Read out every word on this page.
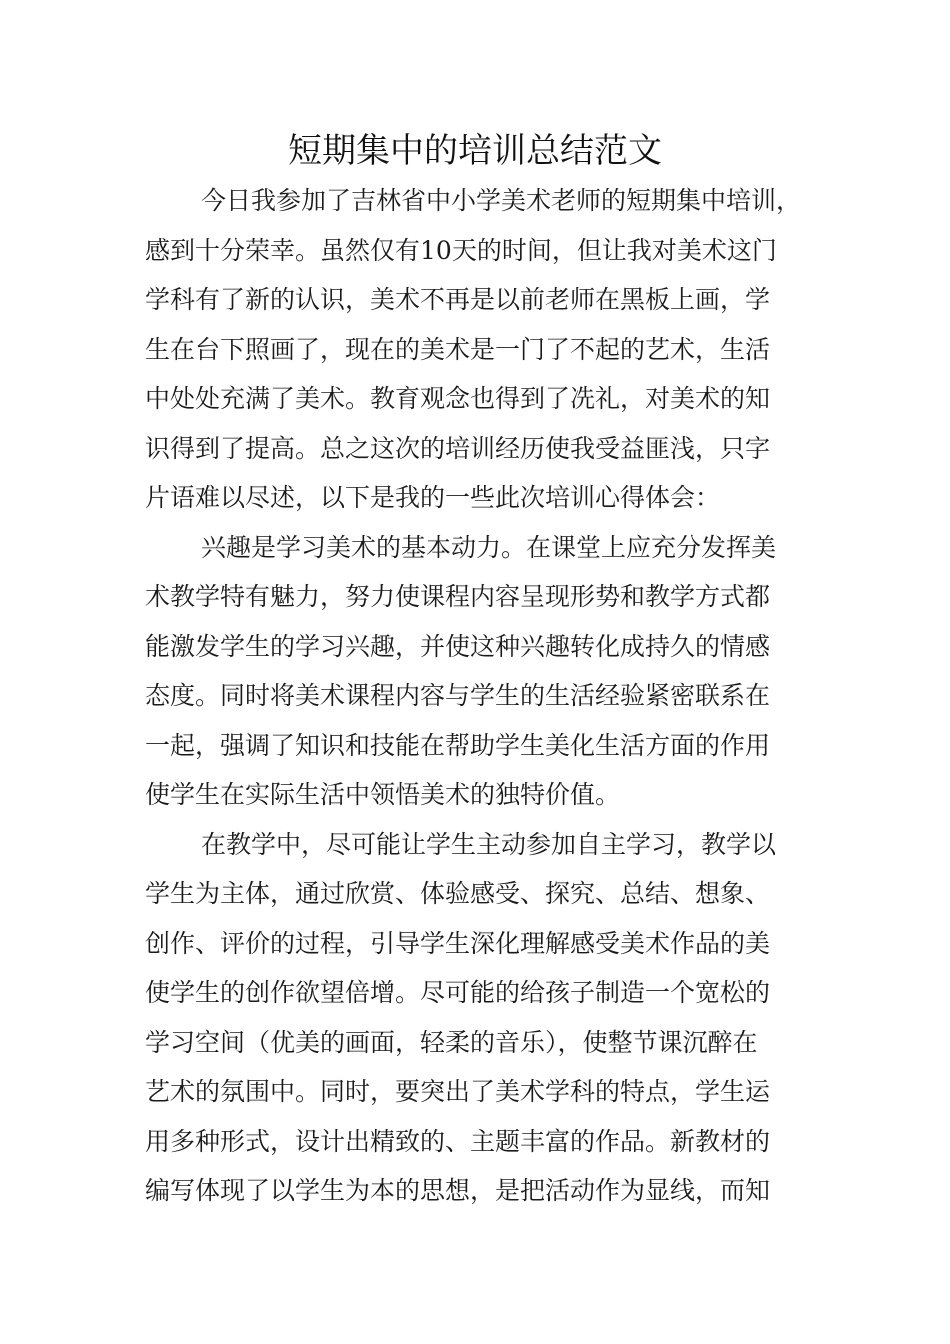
短期集中的培训总结范文
今日我参加了吉林省中小学美术老师的短期集中培训，
感到十分荣幸。虽然仅有10天的时间，但让我对美术这门
学科有了新的认识，美术不再是以前老师在黑板上画，学
生在台下照画了，现在的美术是一门了不起的艺术，生活
中处处充满了美术。教育观念也得到了冼礼，对美术的知
识得到了提高。总之这次的培训经历使我受益匪浅，只字
片语难以尽述，以下是我的一些此次培训心得体会：
兴趣是学习美术的基本动力。在课堂上应充分发挥美
术教学特有魅力，努力使课程内容呈现形势和教学方式都
能激发学生的学习兴趣，并使这种兴趣转化成持久的情感
态度。同时将美术课程内容与学生的生活经验紧密联系在
一起，强调了知识和技能在帮助学生美化生活方面的作用
使学生在实际生活中领悟美术的独特价值。
在教学中，尽可能让学生主动参加自主学习，教学以
学生为主体，通过欣赏、体验感受、探究、总结、想象、
创作、评价的过程，引导学生深化理解感受美术作品的美
使学生的创作欲望倍增。尽可能的给孩子制造一个宽松的
学习空间（优美的画面，轻柔的音乐），使整节课沉醉在
艺术的氛围中。同时，要突出了美术学科的特点，学生运
用多种形式，设计出精致的、主题丰富的作品。新教材的
编写体现了以学生为本的思想，是把活动作为显线，而知
